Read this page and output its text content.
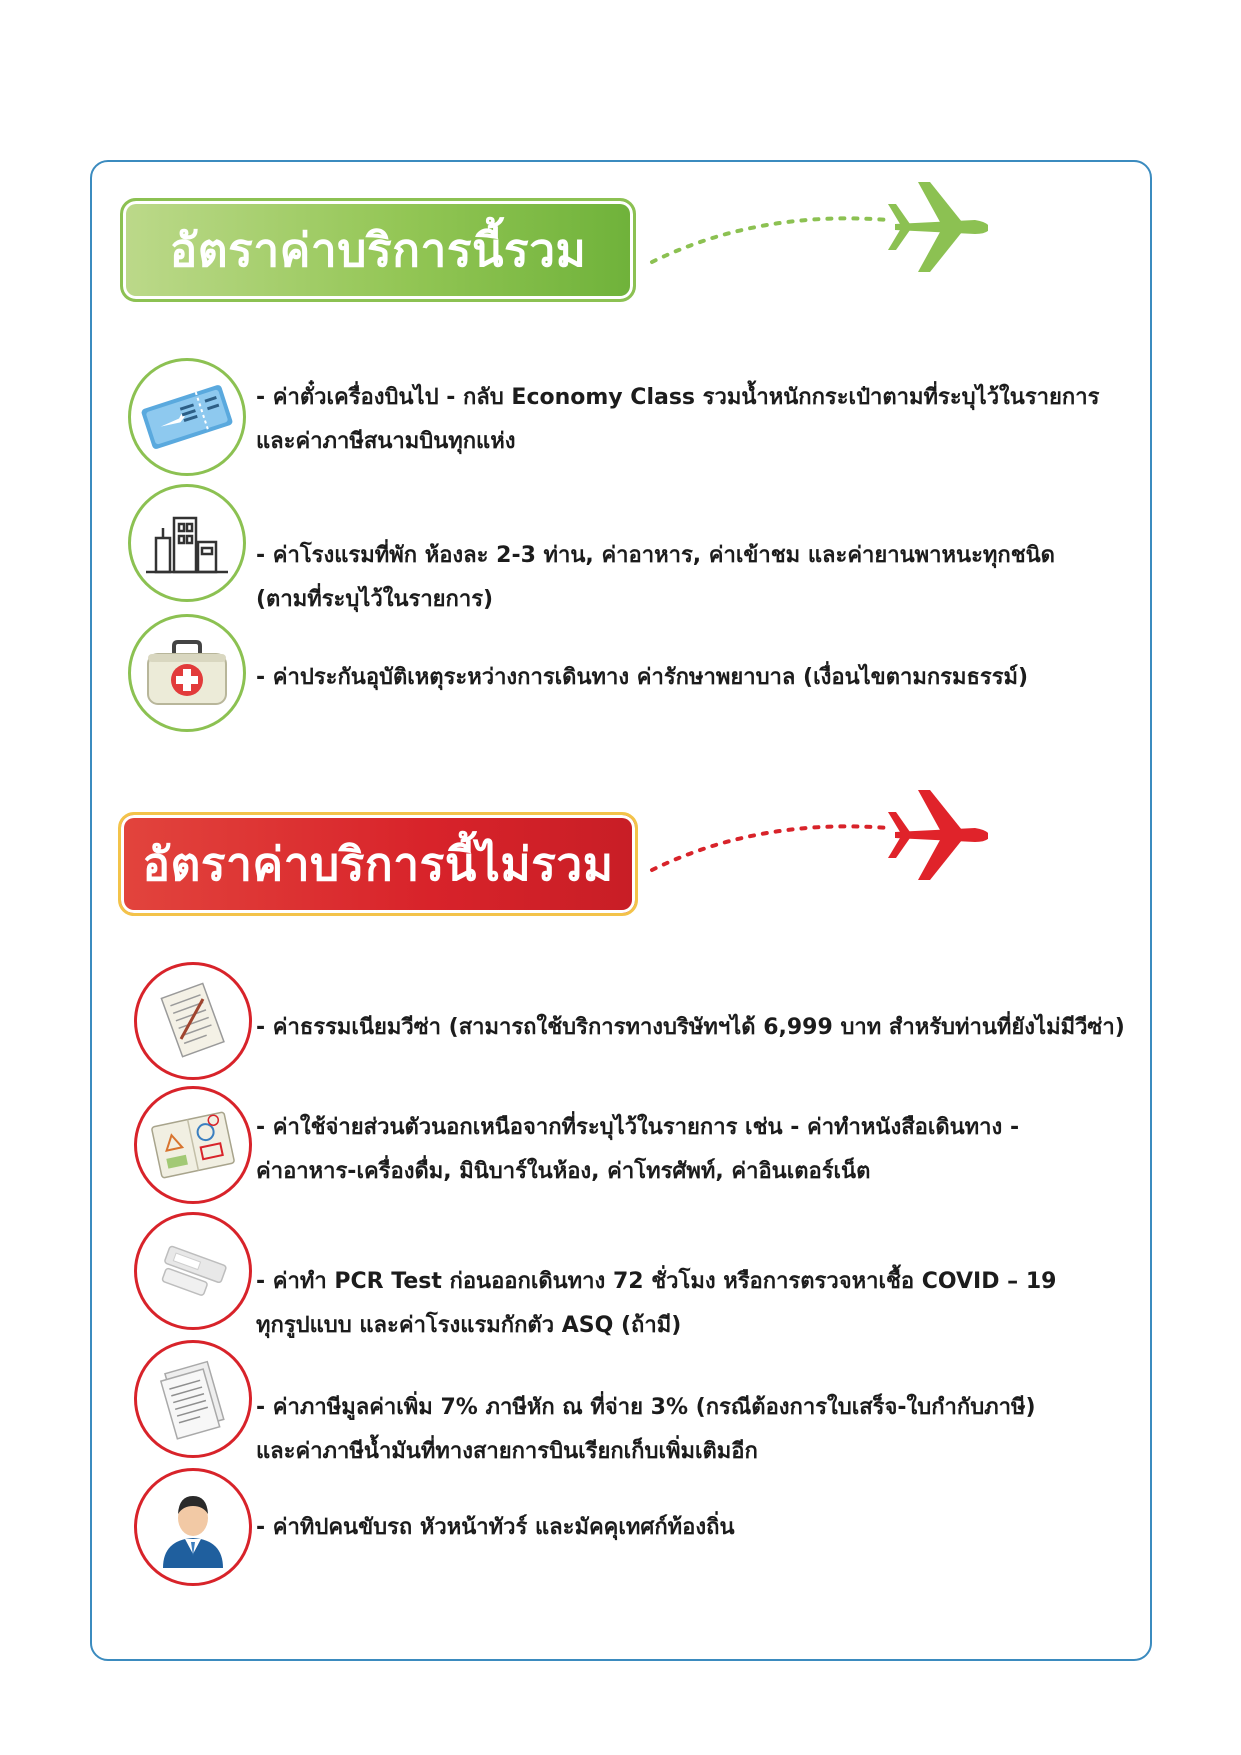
อัตราค่าบริการนี้รวม
- ค่าตั๋วเครื่องบินไป - กลับ Economy Class รวมน้ำหนักกระเป๋าตามที่ระบุไว้ในรายการ
และค่าภาษีสนามบินทุกแห่ง
- ค่าโรงแรมที่พัก ห้องละ 2-3 ท่าน, ค่าอาหาร, ค่าเข้าชม และค่ายานพาหนะทุกชนิด
(ตามที่ระบุไว้ในรายการ)
- ค่าประกันอุบัติเหตุระหว่างการเดินทาง ค่ารักษาพยาบาล (เงื่อนไขตามกรมธรรม์)
อัตราค่าบริการนี้ไม่รวม
- ค่าธรรมเนียมวีซ่า (สามารถใช้บริการทางบริษัทฯได้ 6,999 บาท สำหรับท่านที่ยังไม่มีวีซ่า)
- ค่าใช้จ่ายส่วนตัวนอกเหนือจากที่ระบุไว้ในรายการ เช่น - ค่าทำหนังสือเดินทาง -
ค่าอาหาร-เครื่องดื่ม, มินิบาร์ในห้อง, ค่าโทรศัพท์, ค่าอินเตอร์เน็ต
- ค่าทำ PCR Test ก่อนออกเดินทาง 72 ชั่วโมง หรือการตรวจหาเชื้อ COVID – 19
ทุกรูปแบบ และค่าโรงแรมกักตัว ASQ (ถ้ามี)
- ค่าภาษีมูลค่าเพิ่ม 7% ภาษีหัก ณ ที่จ่าย 3% (กรณีต้องการใบเสร็จ-ใบกำกับภาษี)
และค่าภาษีน้ำมันที่ทางสายการบินเรียกเก็บเพิ่มเติมอีก
- ค่าทิปคนขับรถ หัวหน้าทัวร์ และมัคคุเทศก์ท้องถิ่น
